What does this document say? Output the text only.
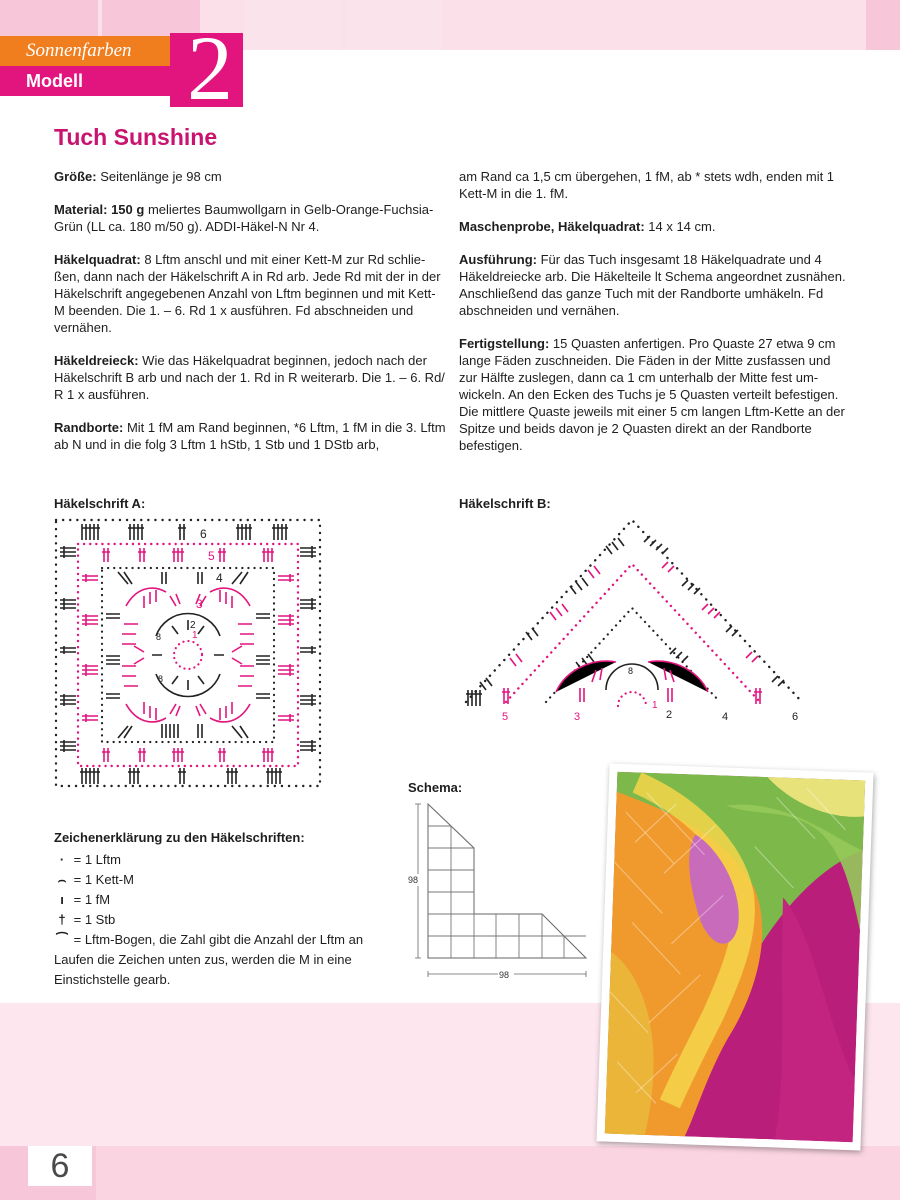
Sonnenfarben
Modell	2
Tuch Sunshine

Größe: Seitenlänge je 98 cm

Material: 150 g meliertes Baumwollgarn in Gelb-Orange-Fuchsia-Grün (LL ca. 180 m/50 g). ADDI-Häkel-N Nr 4.

Häkelquadrat: 8 Lftm anschl und mit einer Kett-M zur Rd schlie-ßen, dann nach der Häkelschrift A in Rd arb. Jede Rd mit der in der Häkelschrift angegebenen Anzahl von Lftm beginnen und mit Kett-M beenden. Die 1. – 6. Rd 1 x ausführen. Fd abschneiden und vernähen.

Häkeldreieck: Wie das Häkelquadrat beginnen, jedoch nach der Häkelschrift B arb und nach der 1. Rd in R weiterarb. Die 1. – 6. Rd/ R 1 x ausführen.

Randborte: Mit 1 fM am Rand beginnen, *6 Lftm, 1 fM in die 3. Lftm ab N und in die folg 3 Lftm 1 hStb, 1 Stb und 1 DStb arb,

am Rand ca 1,5 cm übergehen, 1 fM, ab * stets wdh, enden mit 1 Kett-M in die 1. fM.

Maschenprobe, Häkelquadrat: 14 x 14 cm.

Ausführung: Für das Tuch insgesamt 18 Häkelquadrate und 4 Häkeldreiecke arb. Die Häkelteile lt Schema angeordnet zusnähen. Anschließend das ganze Tuch mit der Randborte umhäkeln. Fd abschneiden und vernähen.

Fertigstellung: 15 Quasten anfertigen. Pro Quaste 27 etwa 9 cm lange Fäden zuschneiden. Die Fäden in der Mitte zusfassen und zur Hälfte zuslegen, dann ca 1 cm unterhalb der Mitte fest um-wickeln. An den Ecken des Tuchs je 5 Quasten verteilt befestigen. Die mittlere Quaste jeweils mit einer 5 cm langen Lftm-Kette an der Spitze und beids davon je 2 Quasten direkt an der Randborte befestigen.

Häkelschrift A:	Häkelschrift B:
6
5
4
3
2
1
8
8
8
1
2
3	4
5	6
Schema:
98
98
Zeichenerklärung zu den Häkelschriften:
· = 1 Lftm
⌢ = 1 Kett-M
ı = 1 fM
† = 1 Stb
⁀ = Lftm-Bogen, die Zahl gibt die Anzahl der Lftm an
Laufen die Zeichen unten zus, werden die M in eine Einstichstelle gearb.
6
